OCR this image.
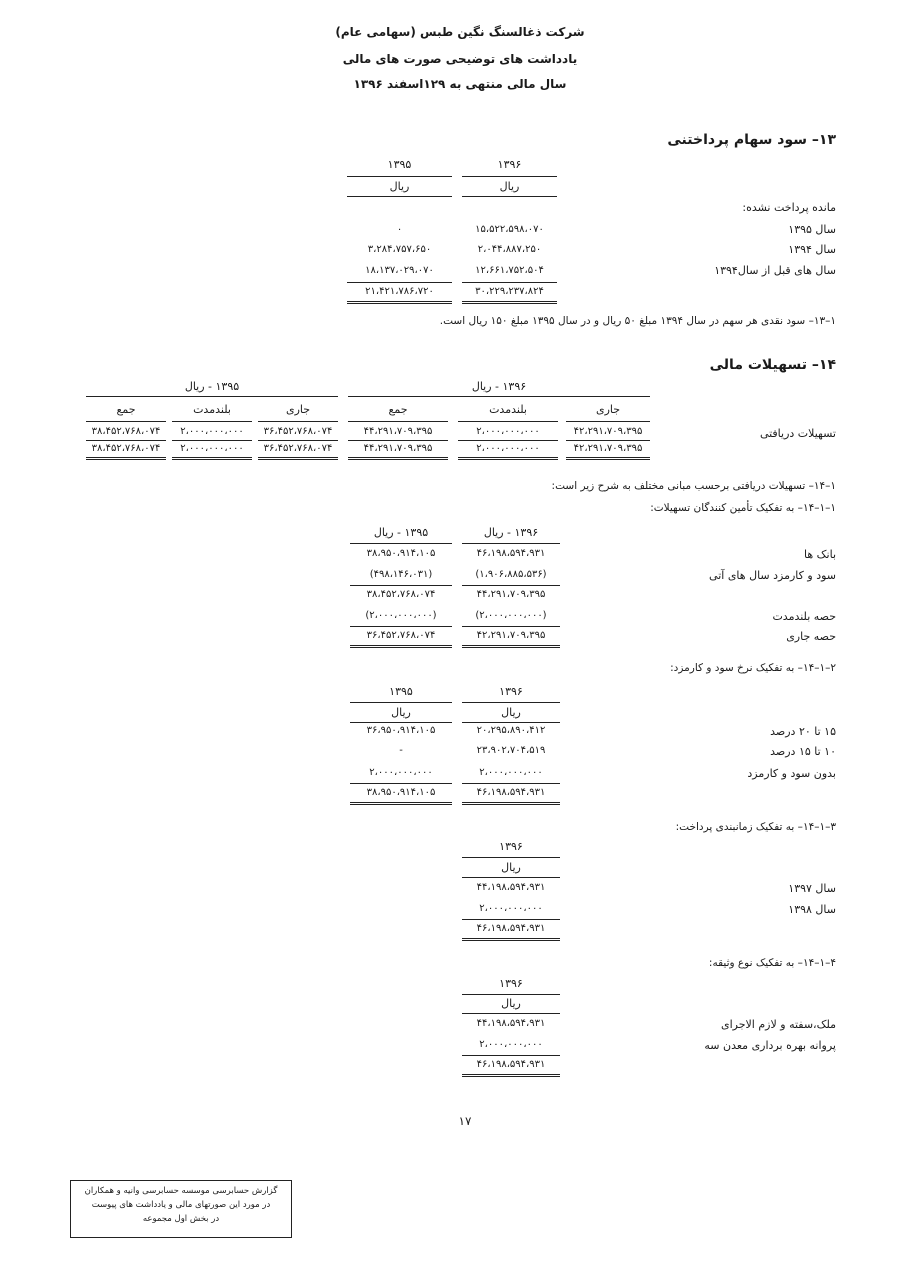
شرکت ذغالسنگ نگین طبس (سهامی عام)
یادداشت های توضیحی صورت های مالی
سال مالی منتهی به ۱۲۹اسفند ۱۳۹۶
۱۳– سود سهام پرداختنی
۱۳۹۶
۱۳۹۵
ریال
ریال
مانده پرداخت نشده:
سال ۱۳۹۵
۱۵،۵۲۲،۵۹۸،۰۷۰
۰
سال ۱۳۹۴
۲،۰۴۴،۸۸۷،۲۵۰
۳،۲۸۴،۷۵۷،۶۵۰
سال های قبل از سال۱۳۹۴
۱۲،۶۶۱،۷۵۲،۵۰۴
۱۸،۱۳۷،۰۲۹،۰۷۰
۳۰،۲۲۹،۲۳۷،۸۲۴
۲۱،۴۲۱،۷۸۶،۷۲۰
۱–۱۳– سود نقدی هر سهم در سال ۱۳۹۴ مبلغ ۵۰ ریال و در سال ۱۳۹۵ مبلغ ۱۵۰ ریال است.
۱۴– تسهیلات مالی
۱۳۹۶ - ریال
۱۳۹۵ - ریال
جاری
بلندمدت
جمع
جاری
بلندمدت
جمع
تسهیلات دریافتی
۴۲،۲۹۱،۷۰۹،۳۹۵
۲،۰۰۰،۰۰۰،۰۰۰
۴۴،۲۹۱،۷۰۹،۳۹۵
۳۶،۴۵۲،۷۶۸،۰۷۴
۲،۰۰۰،۰۰۰،۰۰۰
۳۸،۴۵۲،۷۶۸،۰۷۴
۴۲،۲۹۱،۷۰۹،۳۹۵
۲،۰۰۰،۰۰۰،۰۰۰
۴۴،۲۹۱،۷۰۹،۳۹۵
۳۶،۴۵۲،۷۶۸،۰۷۴
۲،۰۰۰،۰۰۰،۰۰۰
۳۸،۴۵۲،۷۶۸،۰۷۴
۱–۱۴– تسهیلات دریافتی برحسب مبانی مختلف به شرح زیر است:
۱–۱–۱۴– به تفکیک تأمین کنندگان تسهیلات:
۱۳۹۶ - ریال
۱۳۹۵ - ریال
بانک ها
۴۶،۱۹۸،۵۹۴،۹۳۱
۳۸،۹۵۰،۹۱۴،۱۰۵
سود و کارمزد سال های آتی
(۱،۹۰۶،۸۸۵،۵۳۶)
(۴۹۸،۱۴۶،۰۳۱)
۴۴،۲۹۱،۷۰۹،۳۹۵
۳۸،۴۵۲،۷۶۸،۰۷۴
حصه بلندمدت
(۲،۰۰۰،۰۰۰،۰۰۰)
(۲،۰۰۰،۰۰۰،۰۰۰)
حصه جاری
۴۲،۲۹۱،۷۰۹،۳۹۵
۳۶،۴۵۲،۷۶۸،۰۷۴
۲–۱–۱۴– به تفکیک نرخ سود و کارمزد:
۱۳۹۶
۱۳۹۵
ریال
ریال
۱۵ تا ۲۰ درصد
۲۰،۲۹۵،۸۹۰،۴۱۲
۳۶،۹۵۰،۹۱۴،۱۰۵
۱۰ تا ۱۵ درصد
۲۳،۹۰۲،۷۰۴،۵۱۹
-
بدون سود و کارمزد
۲،۰۰۰،۰۰۰،۰۰۰
۲،۰۰۰،۰۰۰،۰۰۰
۴۶،۱۹۸،۵۹۴،۹۳۱
۳۸،۹۵۰،۹۱۴،۱۰۵
۳–۱–۱۴– به تفکیک زمانبندی پرداخت:
۱۳۹۶
ریال
سال ۱۳۹۷
۴۴،۱۹۸،۵۹۴،۹۳۱
سال ۱۳۹۸
۲،۰۰۰،۰۰۰،۰۰۰
۴۶،۱۹۸،۵۹۴،۹۳۱
۴–۱–۱۴– به تفکیک نوع وثیقه:
۱۳۹۶
ریال
ملک،سفته و لازم الاجرای
۴۴،۱۹۸،۵۹۴،۹۳۱
پروانه بهره برداری معدن سه
۲،۰۰۰،۰۰۰،۰۰۰
۴۶،۱۹۸،۵۹۴،۹۳۱
۱۷
گزارش حسابرسی موسسه حسابرسی وانیه و همکاران
در مورد این صورتهای مالی و یادداشت های پیوست
در بخش اول مجموعه
